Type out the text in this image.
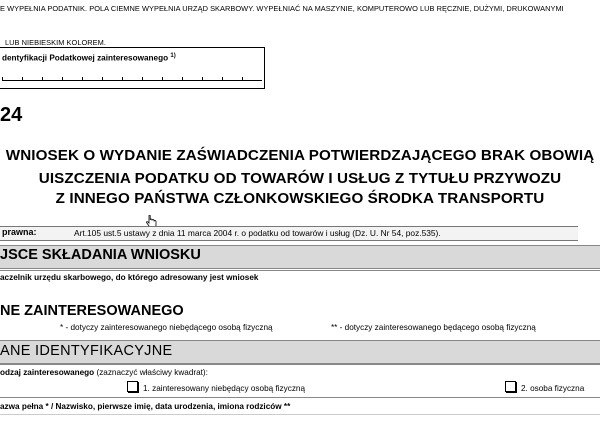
E WYPEŁNIA PODATNIK. POLA CIEMNE WYPEŁNIA URZĄD SKARBOWY. WYPEŁNIAĆ NA MASZYNIE, KOMPUTEROWO LUB RĘCZNIE, DUŻYMI, DRUKOWANYMI
LUB NIEBIESKIM KOLOREM.
dentyfikacji Podatkowej zainteresowanego $^{1)}$
24
WNIOSEK O WYDANIE ZAŚWIADCZENIA POTWIERDZAJĄCEGO BRAK OBOWIĄ
UISZCZENIA PODATKU OD TOWARÓW I USŁUG Z TYTUŁU PRZYWOZU
Z INNEGO PAŃSTWA CZŁONKOWSKIEGO ŚRODKA TRANSPORTU
prawna:	Art.105 ust.5 ustawy z dnia 11 marca 2004 r. o podatku od towarów i usług (Dz. U. Nr 54, poz.535).
JSCE SKŁADANIA WNIOSKU
aczelnik urzędu skarbowego, do którego adresowany jest wniosek
NE ZAINTERESOWANEGO
* - dotyczy zainteresowanego niebędącego osobą fizyczną	** - dotyczy zainteresowanego będącego osobą fizyczną
ANE IDENTYFIKACYJNE
odzaj zainteresowanego (zaznaczyć właściwy kwadrat):
1. zainteresowany niebędący osobą fizyczną	2. osoba fizyczna
azwa pełna * / Nazwisko, pierwsze imię, data urodzenia, imiona rodziców **
